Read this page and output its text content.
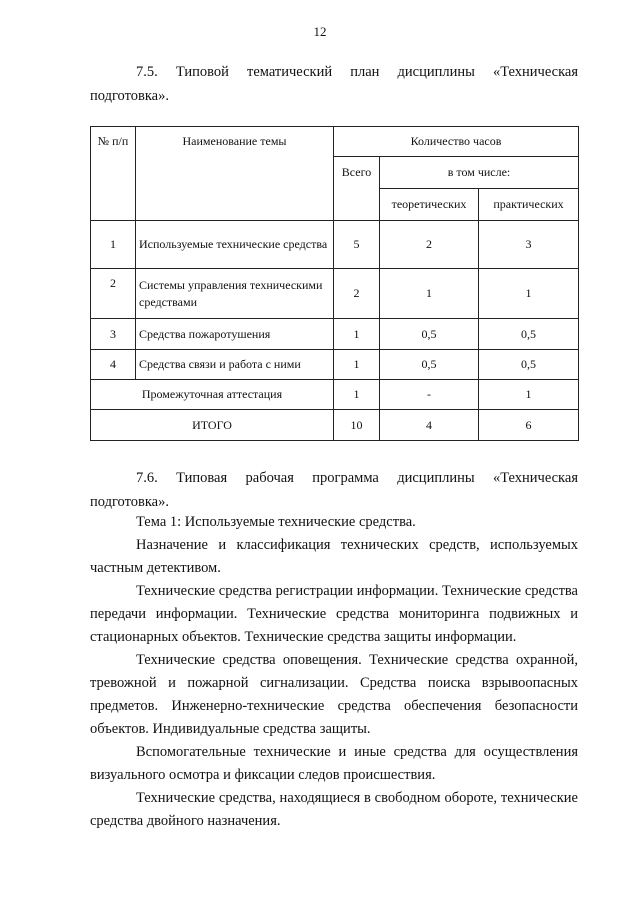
12
7.5. Типовой тематический план дисциплины «Техническая
подготовка».
№ п/п	Наименование темы	Количество часов		
		Всего	в том числе:	
			теоретических	практических
1	Используемые технические средства	5	2	3
2	Системы управления техническими средствами	2	1	1
3	Средства пожаротушения	1	0,5	0,5
4	Средства связи и работа с ними	1	0,5	0,5
Промежуточная аттестация		1	-	1
ИТОГО		10	4	6
7.6. Типовая рабочая программа дисциплины «Техническая
подготовка».

Тема 1: Используемые технические средства.

Назначение и классификация технических средств, используемых частным детективом.

Технические средства регистрации информации. Технические средства передачи информации. Технические средства мониторинга подвижных и стационарных объектов. Технические средства защиты информации.

Технические средства оповещения. Технические средства охранной, тревожной и пожарной сигнализации. Средства поиска взрывоопасных предметов. Инженерно-технические средства обеспечения безопасности объектов. Индивидуальные средства защиты.

Вспомогательные технические и иные средства для осуществления визуального осмотра и фиксации следов происшествия.

Технические средства, находящиеся в свободном обороте, технические средства двойного назначения.
